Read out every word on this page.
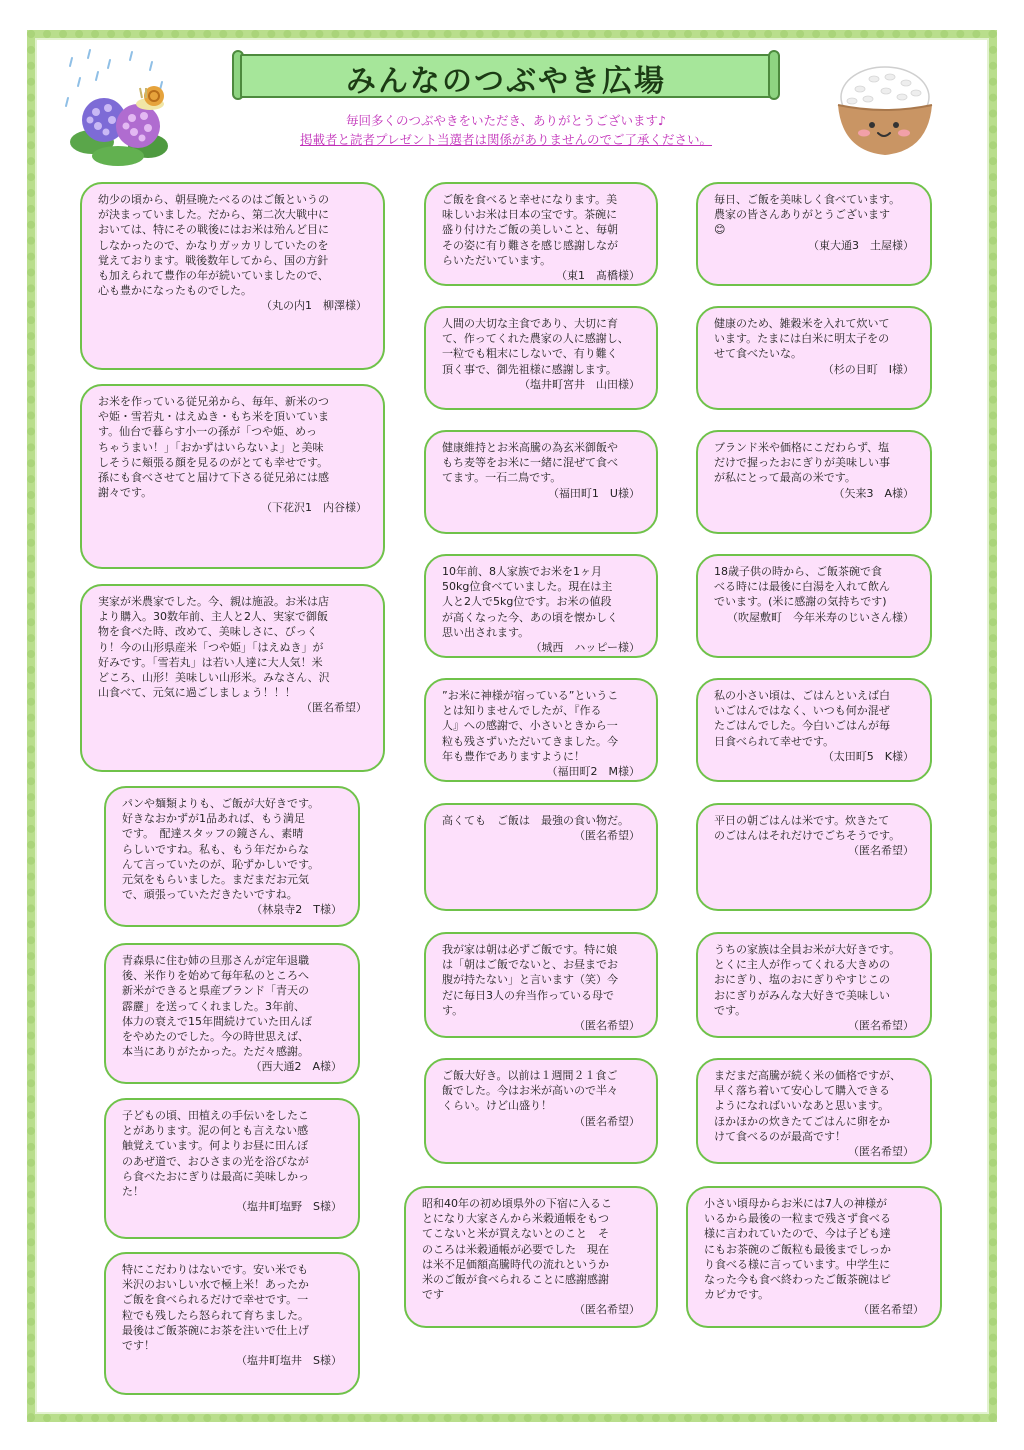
みんなのつぶやき広場
毎回多くのつぶやきをいただき、ありがとうございます♪
掲載者と読者プレゼント当選者は関係がありませんのでご了承ください。
幼少の頃から、朝昼晩たべるのはご飯というの
が決まっていました。だから、第二次大戦中に
おいては、特にその戦後にはお米は殆んど目に
しなかったので、かなりガッカリしていたのを
覚えております。戦後数年してから、国の方針
も加えられて豊作の年が続いていましたので、
心も豊かになったものでした。
（丸の内1　柳澤様）
お米を作っている従兄弟から、毎年、新米のつ
や姫・雪若丸・はえぬき・もち米を頂いていま
す。仙台で暮らす小一の孫が「つや姫、めっ
ちゃうまい！」「おかずはいらないよ」と美味
しそうに頬張る顔を見るのがとても幸せです。
孫にも食べさせてと届けて下さる従兄弟には感
謝々です。
（下花沢1　内谷様）
実家が米農家でした。今、親は施設。お米は店
より購入。30数年前、主人と2人、実家で御飯
物を食べた時、改めて、美味しさに、びっく
り！今の山形県産米「つや姫」「はえぬき」が
好みです。「雪若丸」は若い人達に大人気！米
どころ、山形！美味しい山形米。みなさん、沢
山食べて、元気に過ごしましょう！！！
（匿名希望）
パンや麺類よりも、ご飯が大好きです。
好きなおかずが1品あれば、もう満足
です。　配達スタッフの鏡さん、素晴
らしいですね。私も、もう年だからな
んて言っていたのが、恥ずかしいです。
元気をもらいました。まだまだお元気
で、頑張っていただきたいですね。
（林泉寺2　T様）
青森県に住む姉の旦那さんが定年退職
後、米作りを始めて毎年私のところへ
新米ができると県産ブランド「青天の
霹靂」を送ってくれました。3年前、
体力の衰えで15年間続けていた田んぼ
をやめたのでした。今の時世思えば、
本当にありがたかった。ただ々感謝。
（西大通2　A様）
子どもの頃、田植えの手伝いをしたこ
とがあります。泥の何とも言えない感
触覚えています。何よりお昼に田んぼ
のあぜ道で、おひさまの光を浴びなが
ら食べたおにぎりは最高に美味しかっ
た！
（塩井町塩野　S様）
特にこだわりはないです。安い米でも
米沢のおいしい水で極上米！あったか
ご飯を食べられるだけで幸せです。一
粒でも残したら怒られて育ちました。
最後はご飯茶碗にお茶を注いで仕上げ
です！
（塩井町塩井　S様）
ご飯を食べると幸せになります。美
味しいお米は日本の宝です。茶碗に
盛り付けたご飯の美しいこと、毎朝
その姿に有り難さを感じ感謝しなが
らいただいています。
（東1　髙橋様）
人間の大切な主食であり、大切に育
て、作ってくれた農家の人に感謝し、
一粒でも粗末にしないで、有り難く
頂く事で、御先祖様に感謝します。
（塩井町宮井　山田様）
健康維持とお米高騰の為玄米御飯や
もち麦等をお米に一緒に混ぜて食べ
てます。一石二鳥です。
（福田町1　U様）
10年前、8人家族でお米を1ヶ月
50kg位食べていました。現在は主
人と2人で5kg位です。お米の値段
が高くなった今、あの頃を懐かしく
思い出されます。
（城西　ハッピー様）
”お米に神様が宿っている”というこ
とは知りませんでしたが、『作る
人』への感謝で、小さいときから一
粒も残さずいただいてきました。今
年も豊作でありますように！
（福田町2　M様）
高くても　ご飯は　最強の食い物だ。
（匿名希望）
我が家は朝は必ずご飯です。特に娘
は「朝はご飯でないと、お昼までお
腹が持たない」と言います（笑）今
だに毎日3人の弁当作っている母で
す。
（匿名希望）
ご飯大好き。以前は１週間２１食ご
飯でした。今はお米が高いので半々
くらい。けど山盛り！
（匿名希望）
昭和40年の初め頃県外の下宿に入るこ
とになり大家さんから米穀通帳をもつ
てこないと米が買えないとのこと　そ
のころは米穀通帳が必要でした　現在
は米不足価額高騰時代の流れというか
米のご飯が食べられることに感謝感謝
です
（匿名希望）
毎日、ご飯を美味しく食べています。
農家の皆さんありがとうございます
😊
（東大通3　土屋様）
健康のため、雑穀米を入れて炊いて
います。たまには白米に明太子をの
せて食べたいな。
（杉の目町　I様）
ブランド米や価格にこだわらず、塩
だけで握ったおにぎりが美味しい事
が私にとって最高の米です。
（矢来3　A様）
18歳子供の時から、ご飯茶碗で食
べる時には最後に白湯を入れて飲ん
でいます。(米に感謝の気持ちです)
（吹屋敷町　今年米寿のじいさん様）
私の小さい頃は、ごはんといえば白
いごはんではなく、いつも何か混ぜ
たごはんでした。今白いごはんが毎
日食べられて幸せです。
（太田町5　K様）
平日の朝ごはんは米です。炊きたて
のごはんはそれだけでごちそうです。
（匿名希望）
うちの家族は全員お米が大好きです。
とくに主人が作ってくれる大きめの
おにぎり、塩のおにぎりやすじこの
おにぎりがみんな大好きで美味しい
です。
（匿名希望）
まだまだ高騰が続く米の価格ですが、
早く落ち着いて安心して購入できる
ようになればいいなあと思います。
ほかほかの炊きたてごはんに卵をか
けて食べるのが最高です！
（匿名希望）
小さい頃母からお米には7人の神様が
いるから最後の一粒まで残さず食べる
様に言われていたので、今は子ども達
にもお茶碗のご飯粒も最後までしっか
り食べる様に言っています。中学生に
なった今も食べ終わったご飯茶碗はピ
カピカです。
（匿名希望）
